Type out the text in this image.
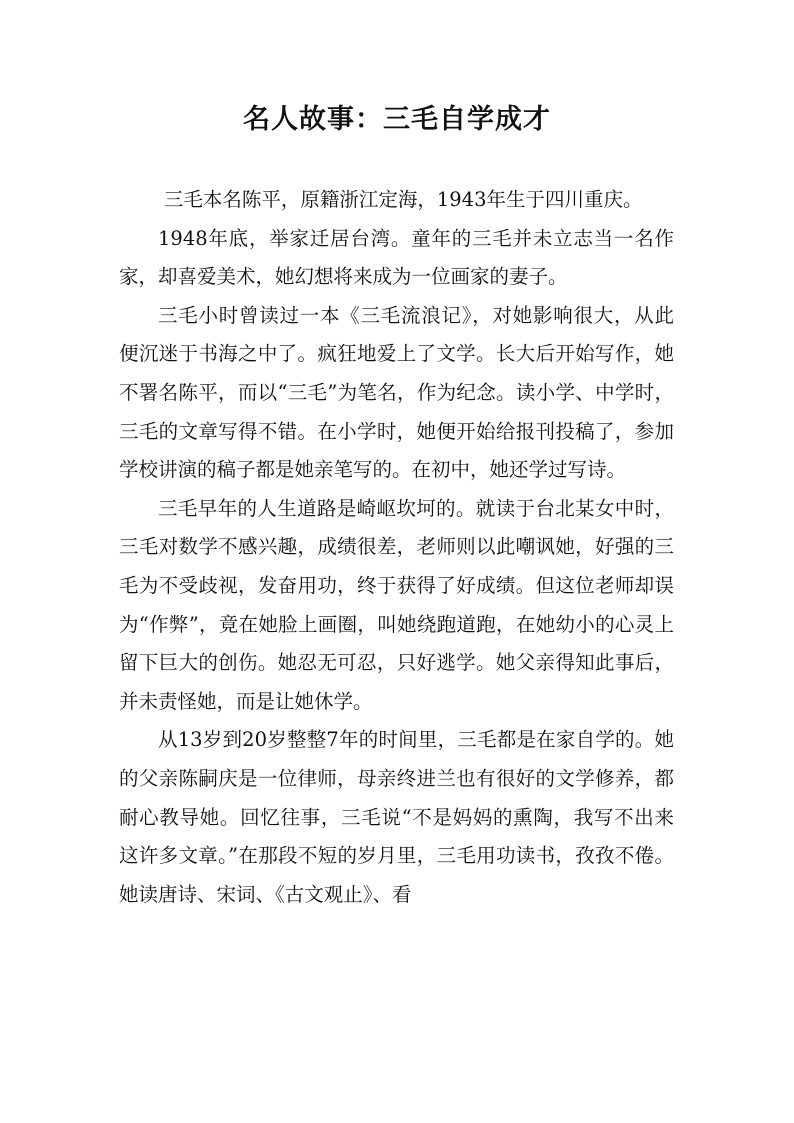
名人故事：三毛自学成才

三毛本名陈平，原籍浙江定海，1943年生于四川重庆。

1948年底，举家迁居台湾。童年的三毛并未立志当一名作家，却喜爱美术，她幻想将来成为一位画家的妻子。

三毛小时曾读过一本《三毛流浪记》，对她影响很大，从此便沉迷于书海之中了。疯狂地爱上了文学。长大后开始写作，她不署名陈平，而以“三毛”为笔名，作为纪念。读小学、中学时，三毛的文章写得不错。在小学时，她便开始给报刊投稿了，参加学校讲演的稿子都是她亲笔写的。在初中，她还学过写诗。

三毛早年的人生道路是崎岖坎坷的。就读于台北某女中时，三毛对数学不感兴趣，成绩很差，老师则以此嘲讽她，好强的三毛为不受歧视，发奋用功，终于获得了好成绩。但这位老师却误为“作弊”，竟在她脸上画圈，叫她绕跑道跑，在她幼小的心灵上留下巨大的创伤。她忍无可忍，只好逃学。她父亲得知此事后，并未责怪她，而是让她休学。

从13岁到20岁整整7年的时间里，三毛都是在家自学的。她的父亲陈嗣庆是一位律师，母亲终进兰也有很好的文学修养，都耐心教导她。回忆往事，三毛说“不是妈妈的熏陶，我写不出来这许多文章。”在那段不短的岁月里，三毛用功读书，孜孜不倦。她读唐诗、宋词、《古文观止》、看
